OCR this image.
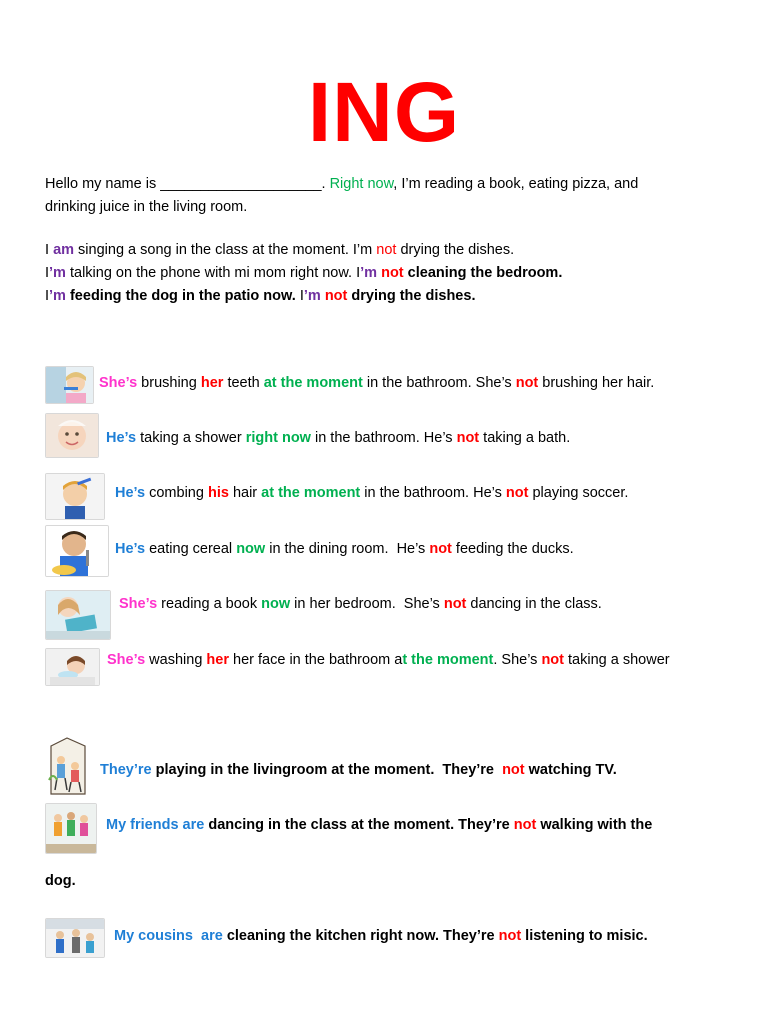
ING
Hello my name is ____________________. Right now, I’m reading a book, eating pizza, and
drinking juice in the living room.
I am singing a song in the class at the moment. I’m not drying the dishes.
I’m talking on the phone with mi mom right now. I’m not cleaning the bedroom.
I’m feeding the dog in the patio now. I’m not drying the dishes.
She’s brushing her teeth at the moment in the bathroom. She’s not brushing her hair.
He’s taking a shower right now in the bathroom. He’s not taking a bath.
He’s combing his hair at the moment in the bathroom. He’s not playing soccer.
He’s eating cereal now in the dining room.  He’s not feeding the ducks.
She’s reading a book now in her bedroom.  She’s not dancing in the class.
She’s washing her her face in the bathroom at the moment. She’s not taking a shower
They’re playing in the livingroom at the moment.  They’re  not watching TV.
My friends are dancing in the class at the moment. They’re not walking with the
dog.
My cousins  are cleaning the kitchen right now. They’re not listening to misic.
